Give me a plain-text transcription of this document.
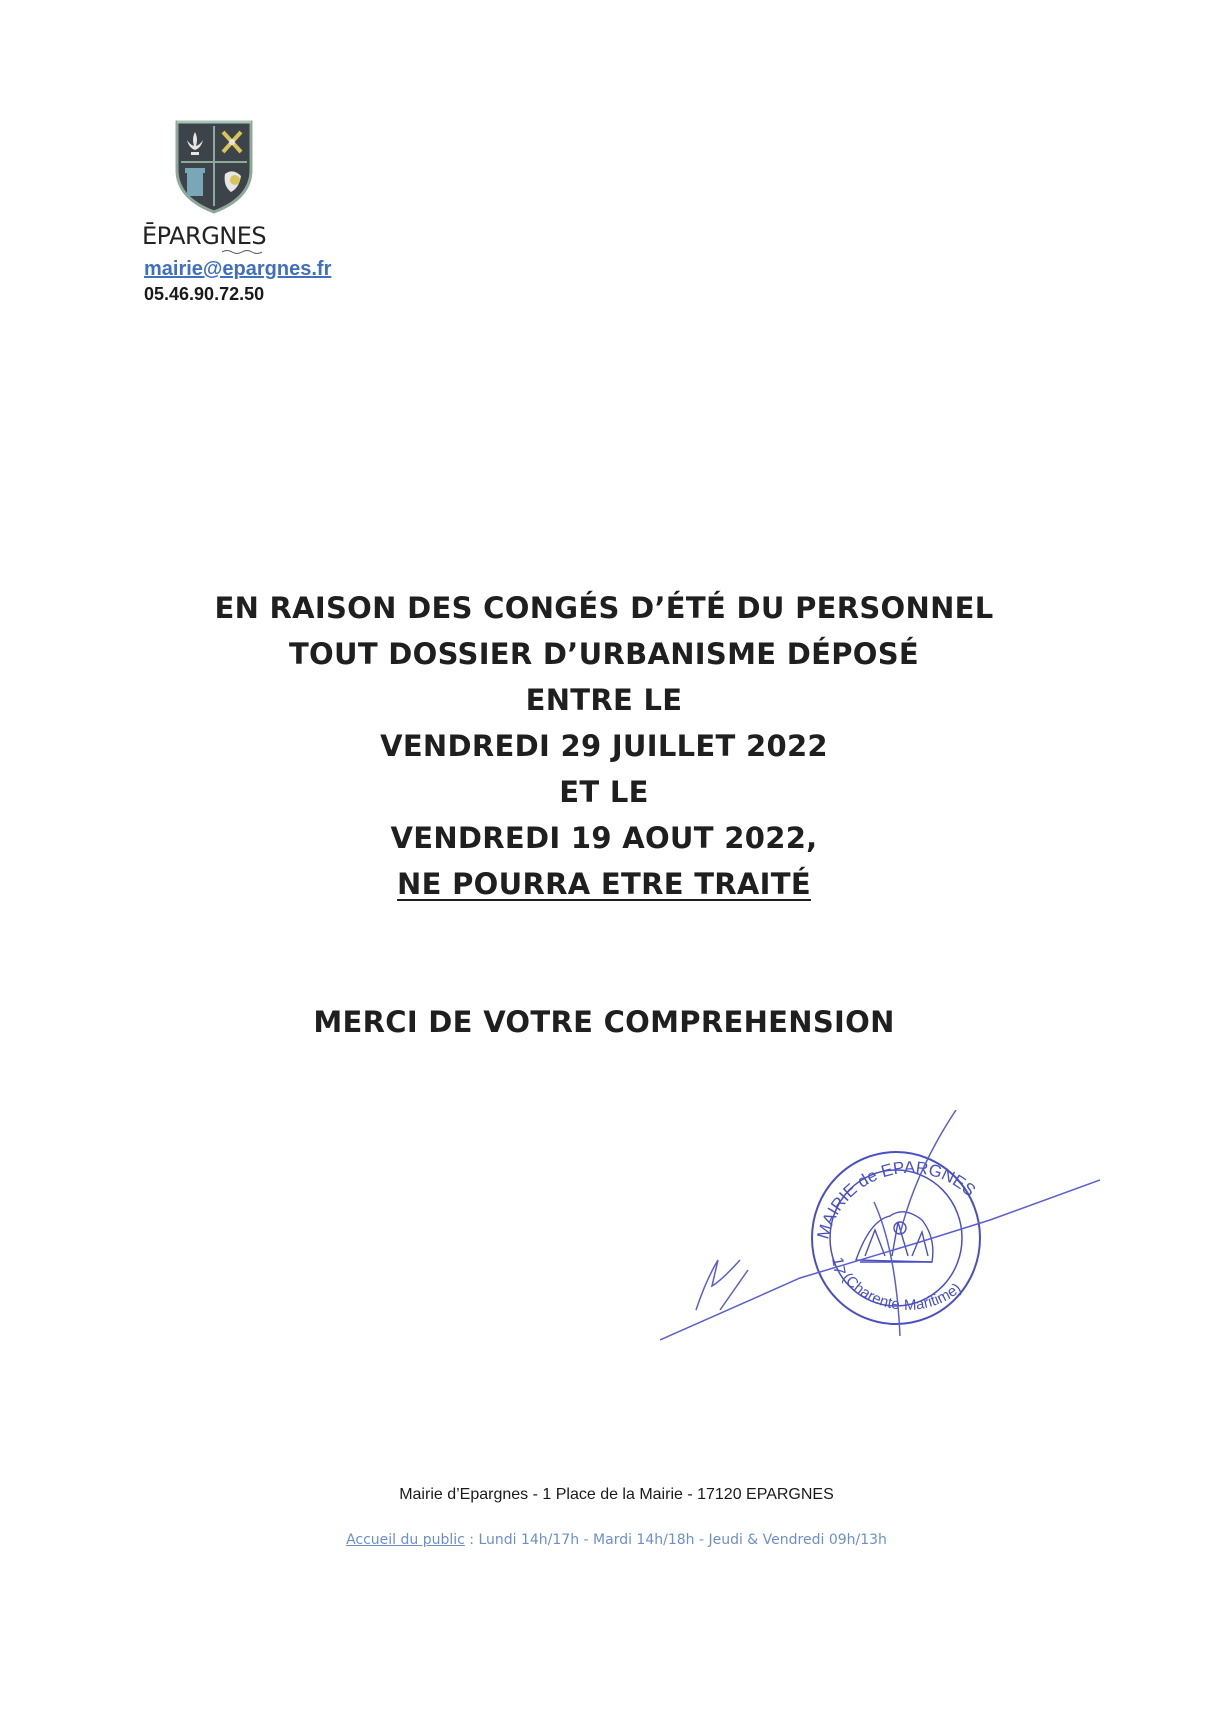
ĒPARGNES

mairie@epargnes.fr
05.46.90.72.50
EN RAISON DES CONGÉS D’ÉTÉ DU PERSONNEL
TOUT DOSSIER D’URBANISME DÉPOSÉ
ENTRE LE
VENDREDI 29 JUILLET 2022
ET LE
VENDREDI 19 AOUT 2022,
NE POURRA ETRE TRAITÉ
MERCI DE VOTRE COMPREHENSION
MAIRIE de EPARGNES
17
(Charente-Maritime)
Mairie d’Epargnes - 1 Place de la Mairie - 17120 EPARGNES
Accueil du public : Lundi 14h/17h - Mardi 14h/18h - Jeudi & Vendredi 09h/13h
